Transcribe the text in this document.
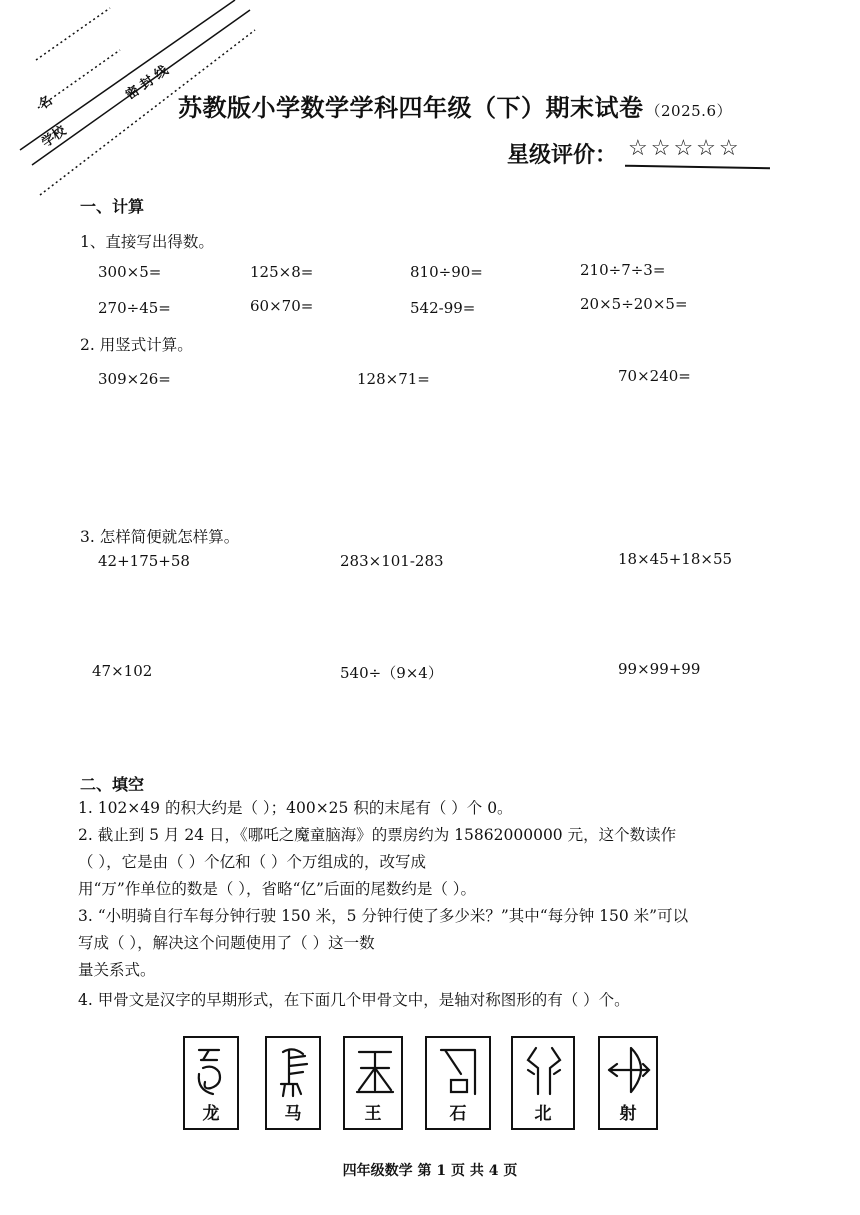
名
学校
密 封 线
苏教版小学数学学科四年级（下）期末试卷 （2025.6）
星级评价： ☆☆☆☆☆
一、计算
1、直接写出得数。
300×5=	125×8=	810÷90=	210÷7÷3=
270÷45=	60×70=	542-99=	20×5÷20×5=
2. 用竖式计算。
309×26=	128×71=	70×240=
3. 怎样简便就怎样算。
42+175+58	283×101-283	18×45+18×55
47×102	540÷（9×4）	99×99+99
二、填空
1. 102×49 的积大约是（ ）；400×25 积的末尾有（ ）个 0。
2. 截止到 5 月 24 日，《哪吒之魔童脑海》的票房约为 15862000000 元，这个数读作
（ ），它是由（ ）个亿和（ ）个万组成的，改写成
用“万”作单位的数是（ ），省略“亿”后面的尾数约是（ ）。
3. “小明骑自行车每分钟行驶 150 米，5 分钟行使了多少米？”其中“每分钟 150 米”可以
写成（ ），解决这个问题使用了（ ）这一数
量关系式。
4. 甲骨文是汉字的早期形式，在下面几个甲骨文中，是轴对称图形的有（ ）个。
龙	马	王	石	北	射
四年级数学 第 1 页 共 4 页
